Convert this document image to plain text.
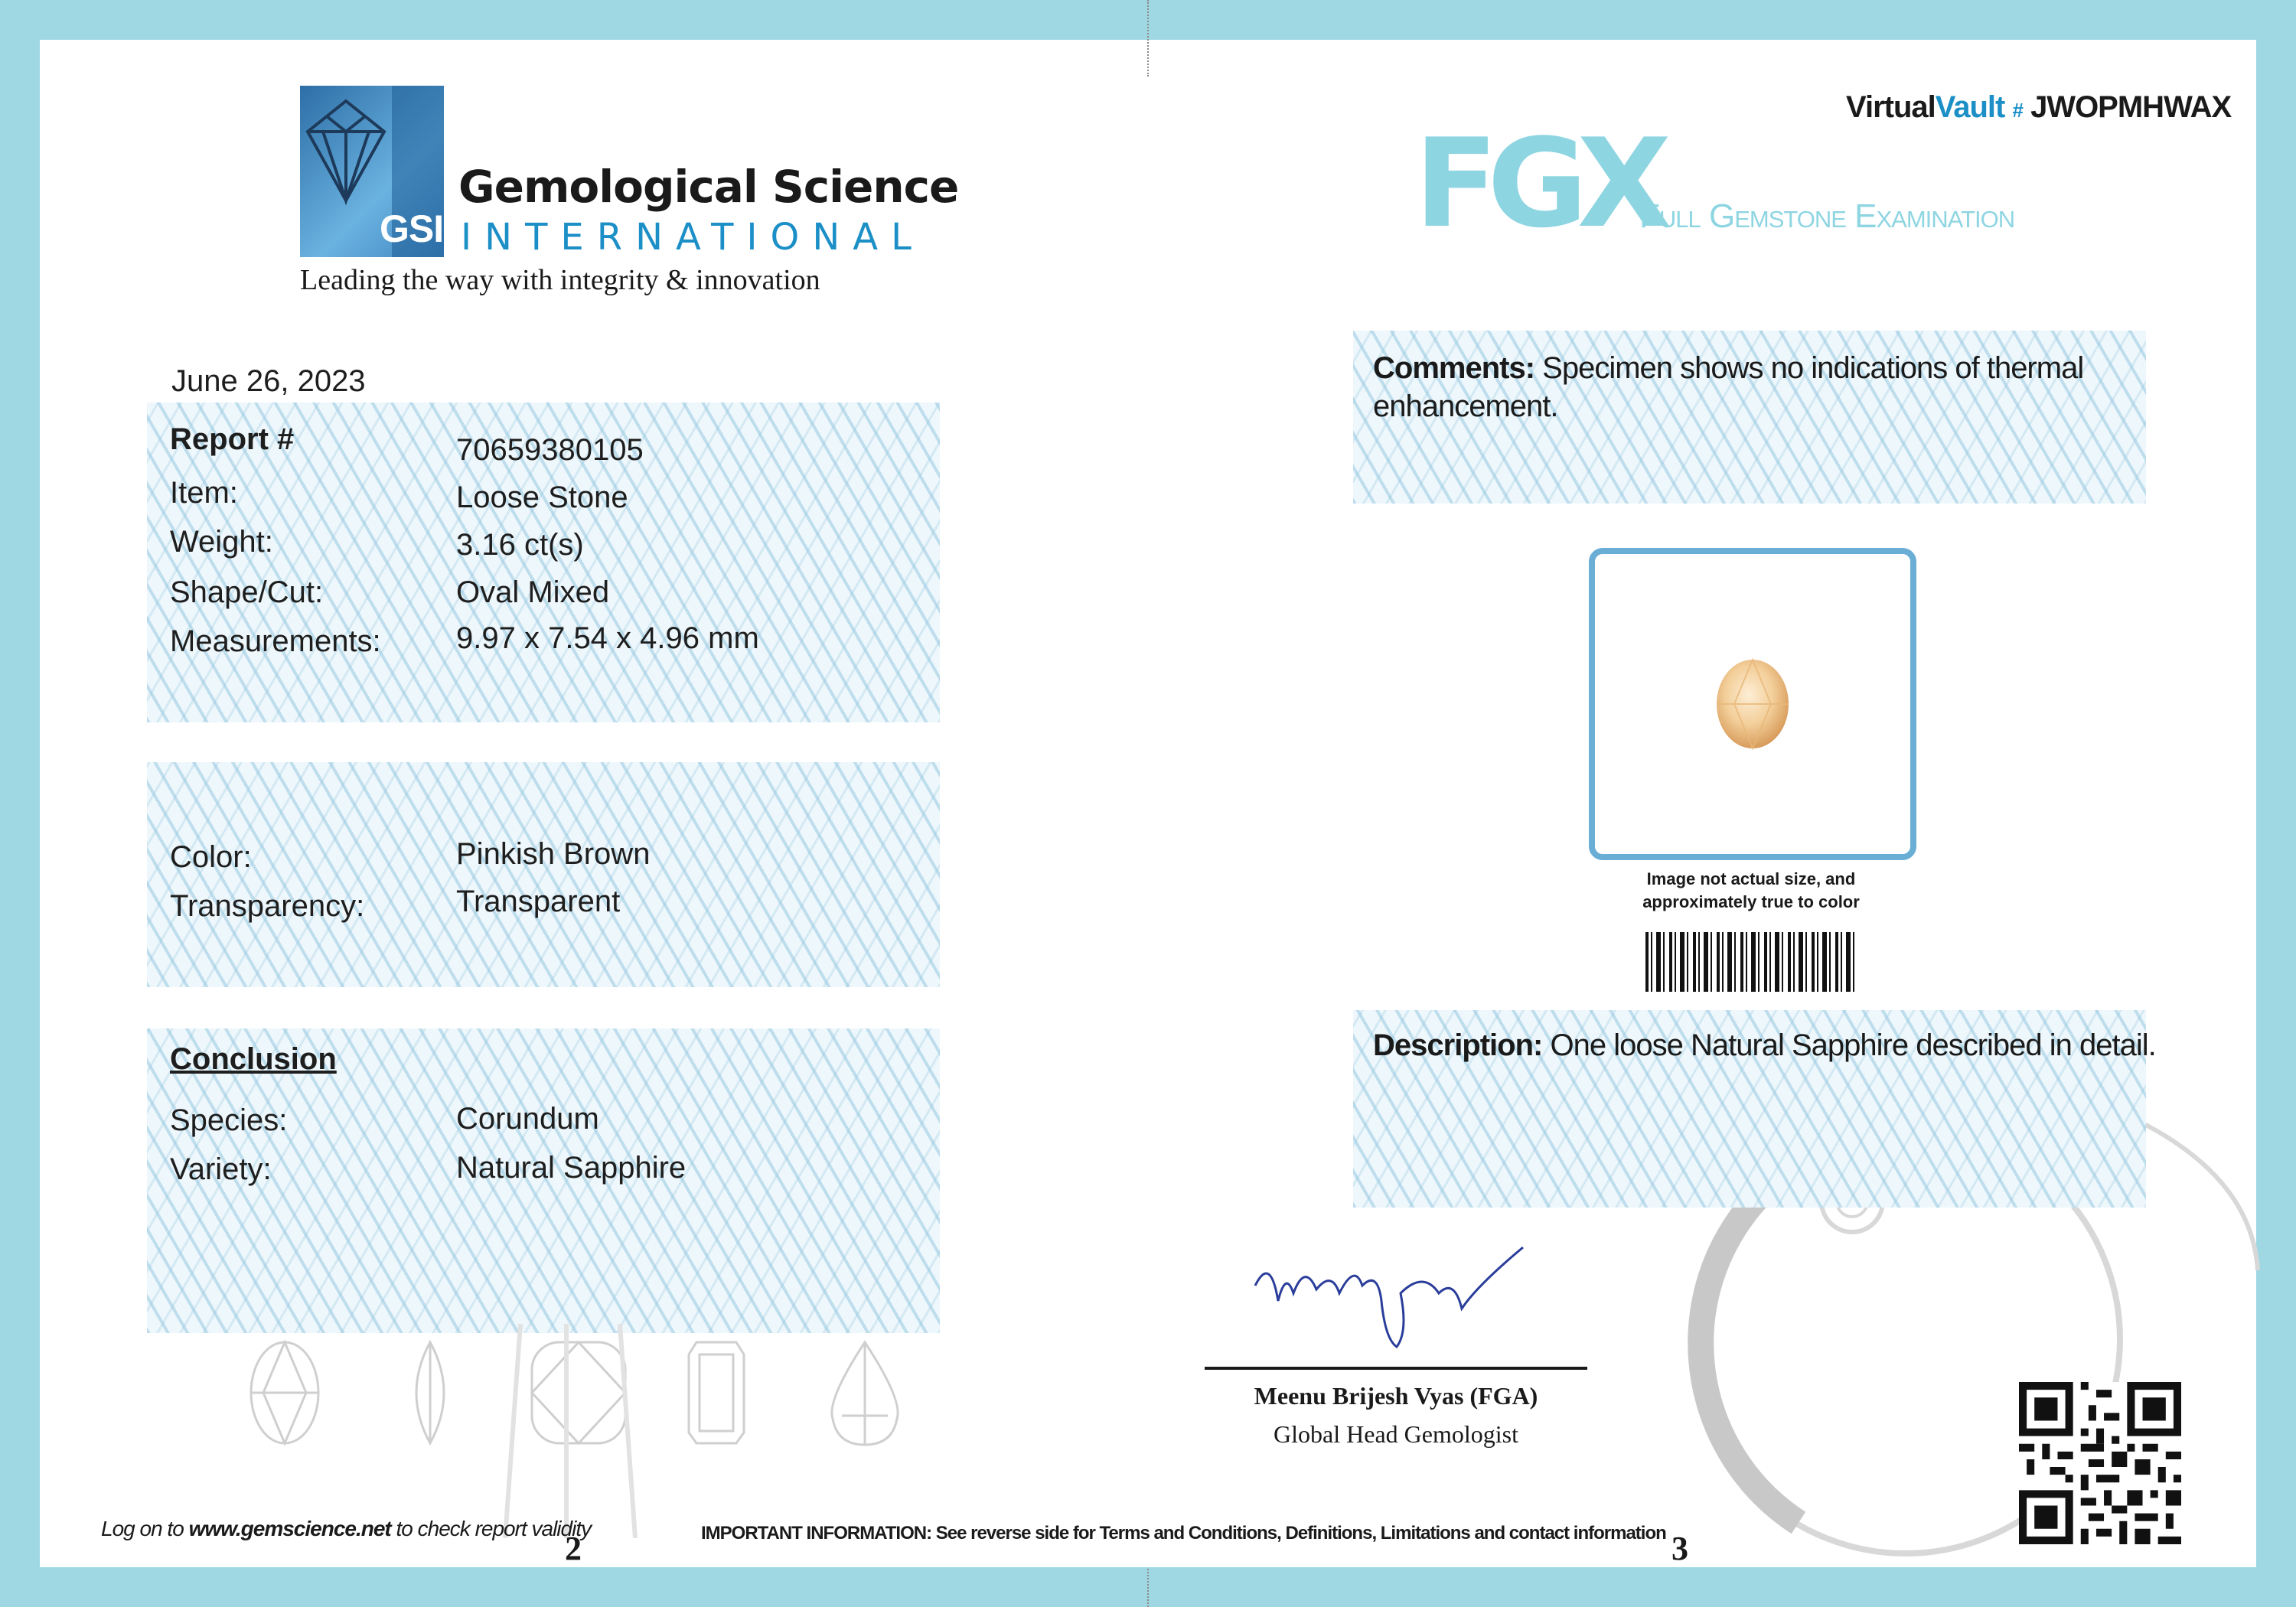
GSI
Gemological Science
INTERNATIONAL
Leading the way with integrity & innovation
June 26, 2023
Report #	70659380105
Item:	Loose Stone
Weight:	3.16 ct(s)
Shape/Cut:	Oval Mixed
Measurements: 9.97 x 7.54 x 4.96 mm
Color:	Pinkish Brown
Transparency:	Transparent
Conclusion
Species:	Corundum
Variety:	Natural Sapphire
Log on to www.gemscience.net to check report validity
2	IMPORTANT INFORMATION: See reverse side for Terms and Conditions, Definitions, Limitations and contact information 3
VirtualVault # JWOPMHWAX
FGX
Full Gemstone Examination
Comments: Specimen shows no indications of thermal
enhancement.
Image not actual size, and
approximately true to color
Description: One loose Natural Sapphire described in detail.
Meenu Brijesh Vyas (FGA)
Global Head Gemologist
